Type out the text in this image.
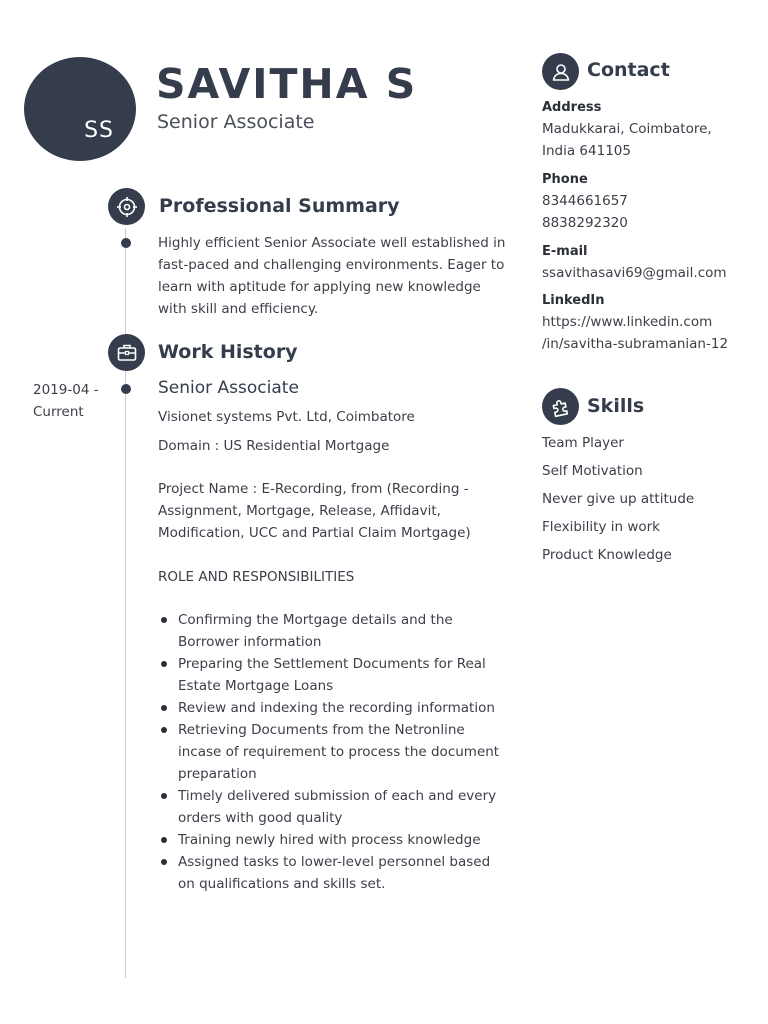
SS
SAVITHA S
Senior Associate
Professional Summary
Highly efficient Senior Associate well established in fast-paced and challenging environments. Eager to learn with aptitude for applying new knowledge with skill and efficiency.
Work History
2019-04 -
Current
Senior Associate
Visionet systems Pvt. Ltd, Coimbatore
Domain : US Residential Mortgage
Project Name : E-Recording, from (Recording - Assignment, Mortgage, Release, Affidavit, Modification, UCC and Partial Claim Mortgage)
ROLE AND RESPONSIBILITIES
Confirming the Mortgage details and the Borrower information
Preparing the Settlement Documents for Real Estate Mortgage Loans
Review and indexing the recording information
Retrieving Documents from the Netronline incase of requirement to process the document preparation
Timely delivered submission of each and every orders with good quality
Training newly hired with process knowledge
Assigned tasks to lower-level personnel based on qualifications and skills set.
Contact
Address
Madukkarai, Coimbatore, India 641105
Phone
8344661657
8838292320
E-mail
ssavithasavi69@gmail.com
LinkedIn
https://www.linkedin.com
/in/savitha-subramanian-12
Skills
Team Player
Self Motivation
Never give up attitude
Flexibility in work
Product Knowledge
